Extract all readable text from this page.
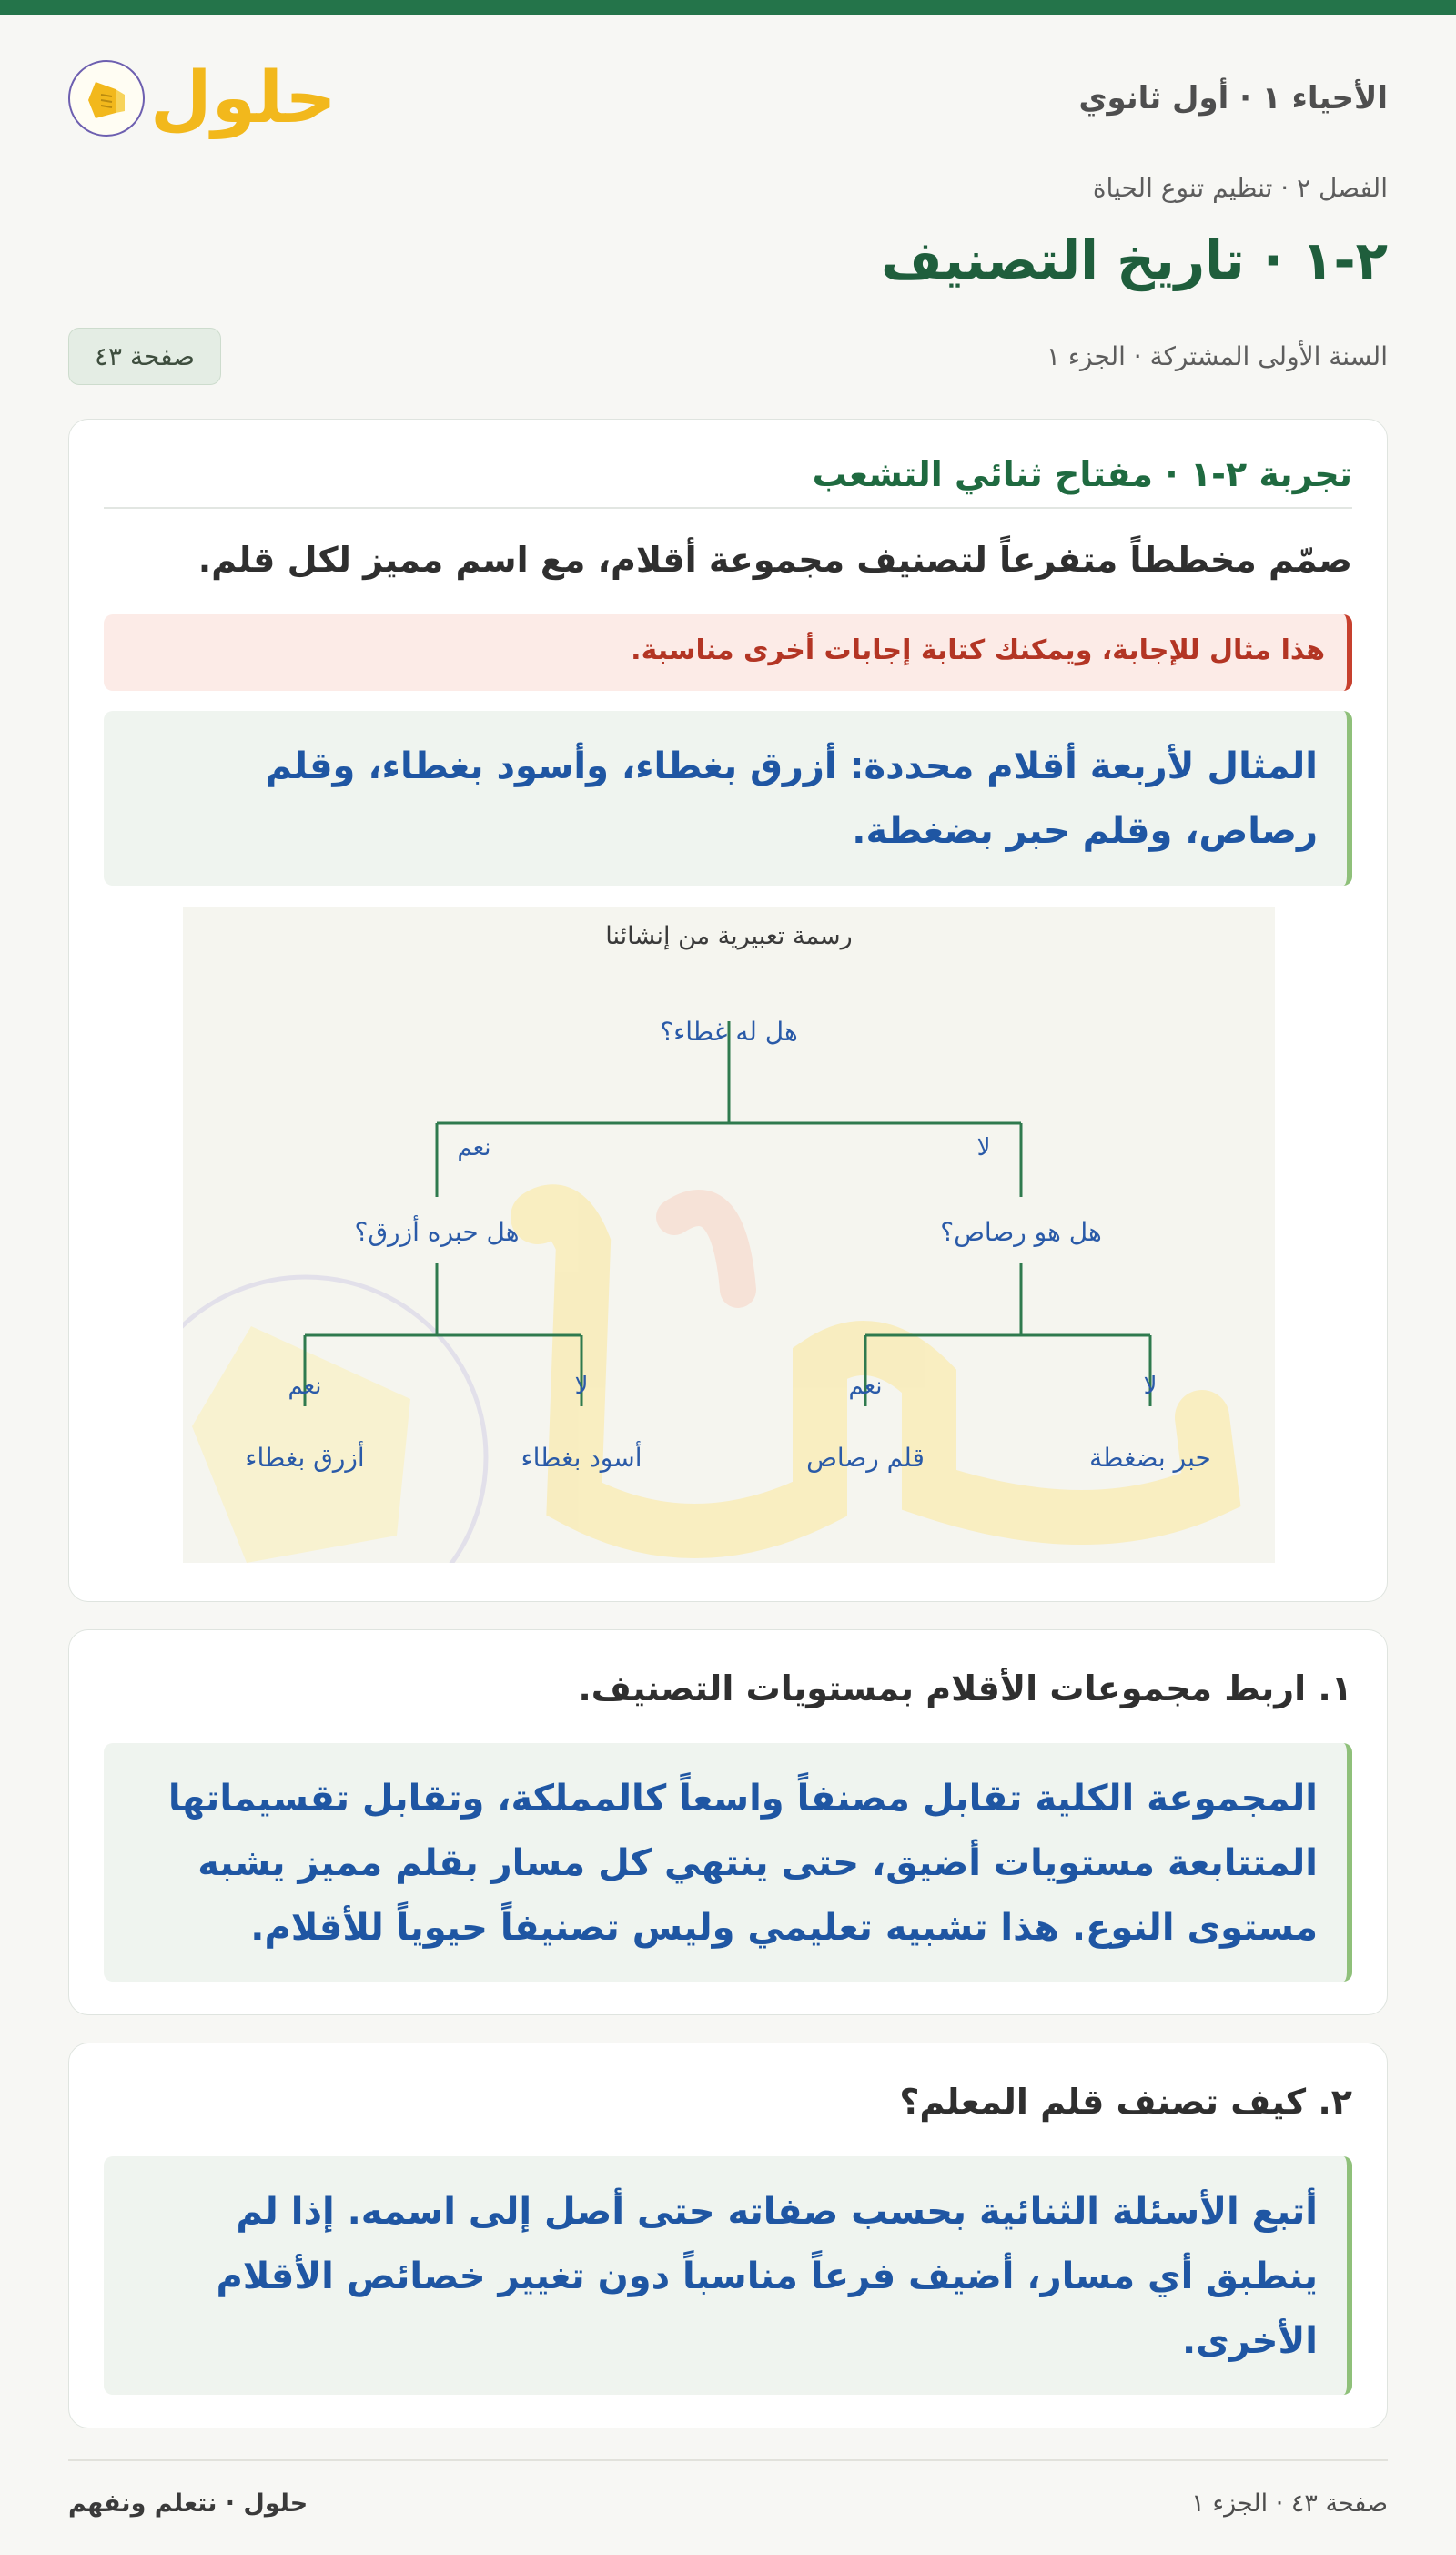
الأحياء ١ · أول ثانوي
حلول
الفصل ٢ · تنظيم تنوع الحياة
٢-١ · تاريخ التصنيف
السنة الأولى المشتركة · الجزء ١
صفحة ٤٣
تجربة ٢-١ · مفتاح ثنائي التشعب
صمّم مخططاً متفرعاً لتصنيف مجموعة أقلام، مع اسم مميز لكل قلم.
هذا مثال للإجابة، ويمكنك كتابة إجابات أخرى مناسبة.
المثال لأربعة أقلام محددة: أزرق بغطاء، وأسود بغطاء، وقلم رصاص، وقلم حبر بضغطة.
رسمة تعبيرية من إنشائنا
هل له غطاء؟
نعم	لا
هل حبره أزرق؟	هل هو رصاص؟
نعم	لا	نعم	لا
أزرق بغطاء	أسود بغطاء	قلم رصاص	حبر بضغطة
١. اربط مجموعات الأقلام بمستويات التصنيف.
المجموعة الكلية تقابل مصنفاً واسعاً كالمملكة، وتقابل تقسيماتها المتتابعة مستويات أضيق، حتى ينتهي كل مسار بقلم مميز يشبه مستوى النوع. هذا تشبيه تعليمي وليس تصنيفاً حيوياً للأقلام.
٢. كيف تصنف قلم المعلم؟
أتبع الأسئلة الثنائية بحسب صفاته حتى أصل إلى اسمه. إذا لم ينطبق أي مسار، أضيف فرعاً مناسباً دون تغيير خصائص الأقلام الأخرى.
صفحة ٤٣ · الجزء ١
حلول · نتعلم ونفهم
